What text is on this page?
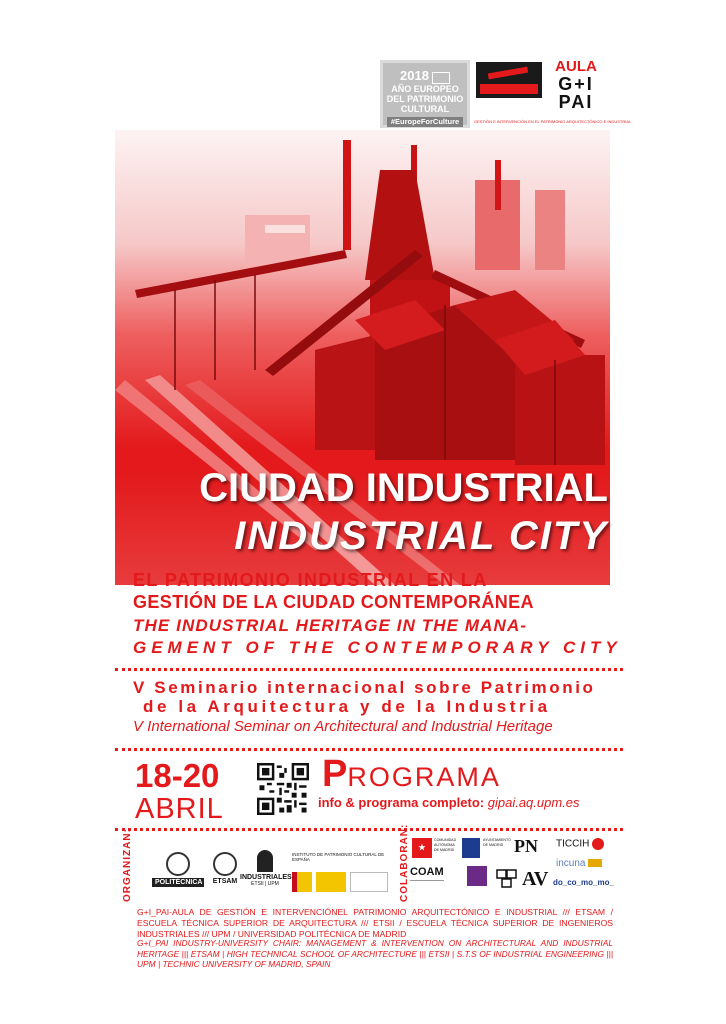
2018
AÑO EUROPEO
DEL PATRIMONIO
CULTURAL
#EuropeForCulture
AULA
G+I
PAI
GESTIÓN E INTERVENCIÓN EN EL PATRIMONIO ARQUITECTÓNICO E INDUSTRIAL
CIUDAD INDUSTRIAL
INDUSTRIAL CITY
EL PATRIMONIO INDUSTRIAL EN LA
GESTIÓN DE LA CIUDAD CONTEMPORÁNEA
THE INDUSTRIAL HERITAGE IN THE MANA-
GEMENT OF THE CONTEMPORARY CITY
V Seminario internacional sobre Patrimonio
de la Arquitectura y de la Industria
V International Seminar on Architectural and Industrial Heritage
18-20
ABRIL
PROGRAMA
info & programa completo: gipai.aq.upm.es
ORGANIZAN:	POLITÉCNICA	ETSAM
INDUSTRIALES
ETSII | UPM
INSTITUTO DE PATRIMONIO CULTURAL DE ESPAÑA	COLABORAN:	★
COMUNIDAD AUTÓNOMA DE MADRID
AYUNTAMIENTO DE MADRID PN	TICCIH
incuna
COAM	AV do_co_mo_mo_
G+I_PAI-AULA DE GESTIÓN E INTERVENCIÓNEL PATRIMONIO ARQUITECTÓNICO E INDUSTRIAL /// ETSAM / ESCUELA TÉCNICA SUPERIOR DE ARQUITECTURA /// ETSII / ESCUELA TÉCNICA SUPERIOR DE INGENIEROS INDUSTRIALES /// UPM / UNIVERSIDAD POLITÉCNICA DE MADRID
G+I_PAI INDUSTRY-UNIVERSITY CHAIR: MANAGEMENT & INTERVENTION ON ARCHITECTURAL AND INDUSTRIAL HERITAGE ||| ETSAM | HIGH TECHNICAL SCHOOL OF ARCHITECTURE ||| ETSII | S.T.S OF INDUSTRIAL ENGINEERING ||| UPM | TECHNIC UNIVERSITY OF MADRID, SPAIN
